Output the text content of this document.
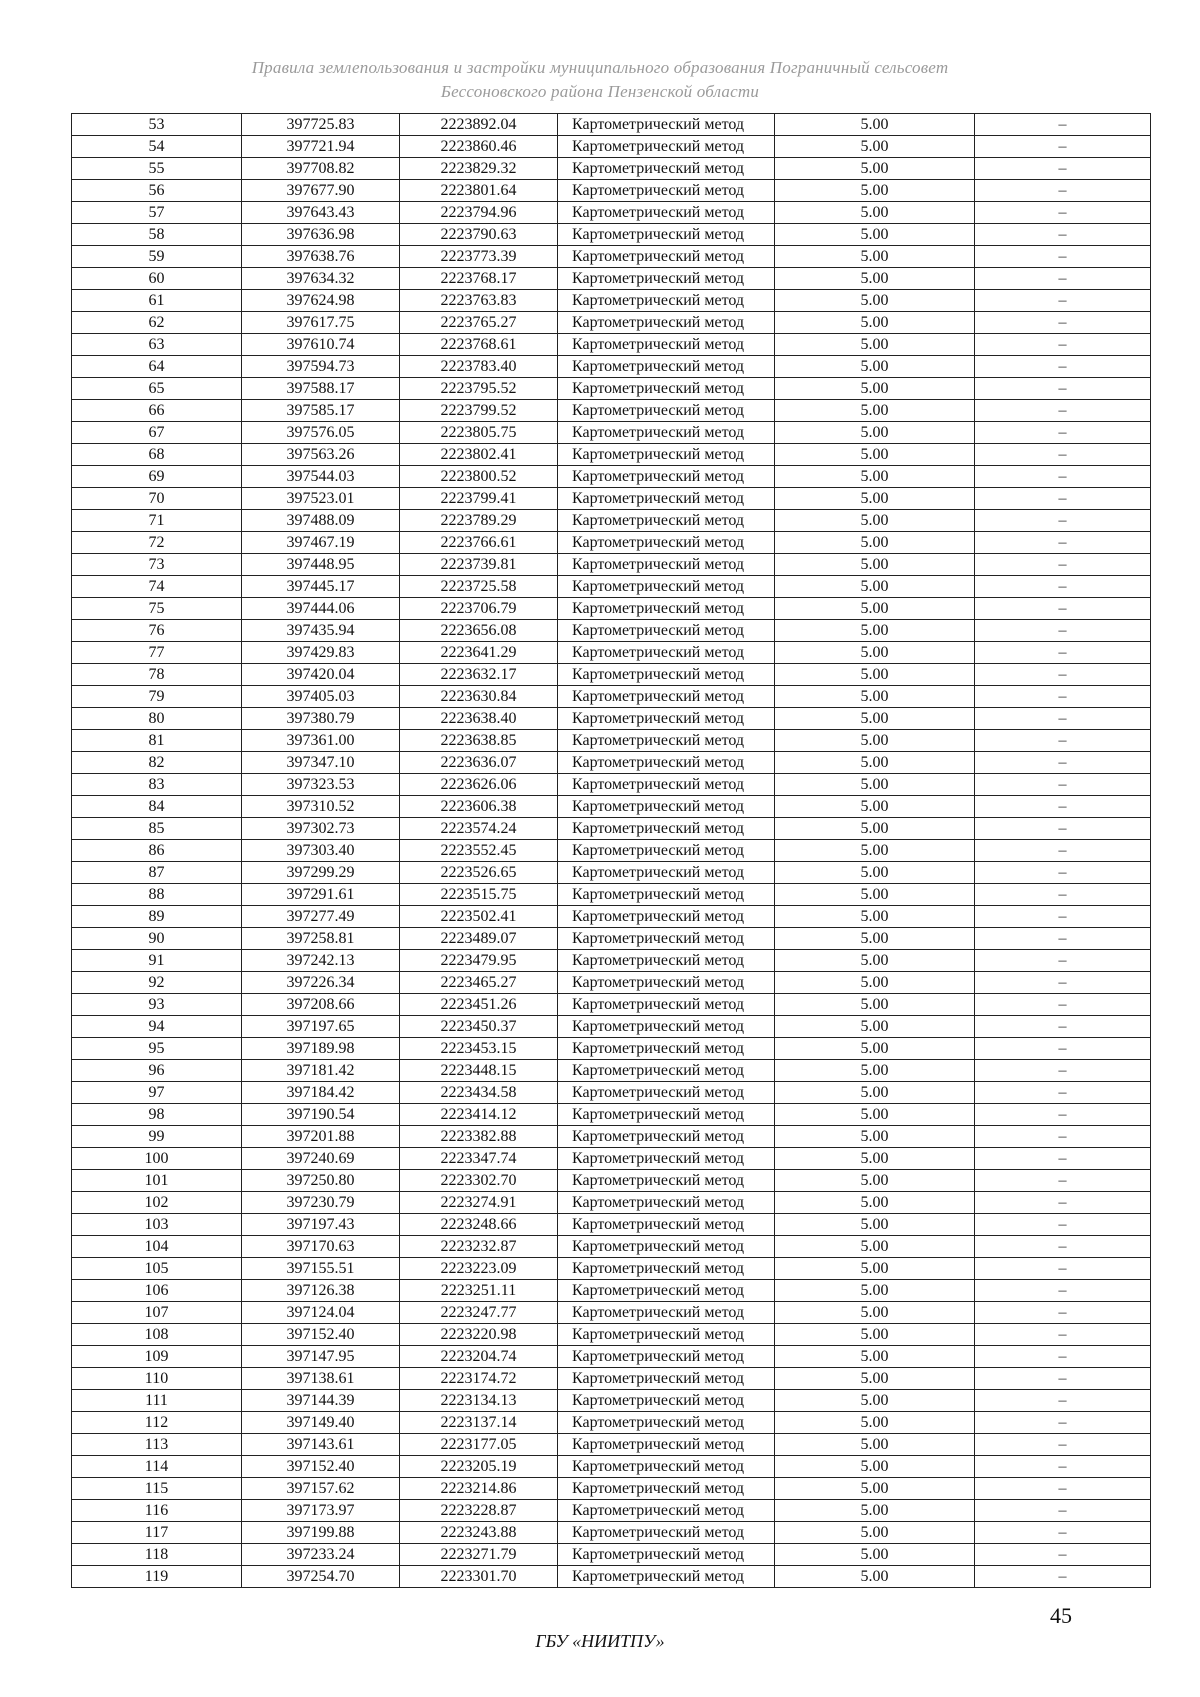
Правила землепользования и застройки муниципального образования Пограничный сельсовет
Бессоновского района Пензенской области
53	397725.83	2223892.04	Картометрический метод	5.00	–
54	397721.94	2223860.46	Картометрический метод	5.00	–
55	397708.82	2223829.32	Картометрический метод	5.00	–
56	397677.90	2223801.64	Картометрический метод	5.00	–
57	397643.43	2223794.96	Картометрический метод	5.00	–
58	397636.98	2223790.63	Картометрический метод	5.00	–
59	397638.76	2223773.39	Картометрический метод	5.00	–
60	397634.32	2223768.17	Картометрический метод	5.00	–
61	397624.98	2223763.83	Картометрический метод	5.00	–
62	397617.75	2223765.27	Картометрический метод	5.00	–
63	397610.74	2223768.61	Картометрический метод	5.00	–
64	397594.73	2223783.40	Картометрический метод	5.00	–
65	397588.17	2223795.52	Картометрический метод	5.00	–
66	397585.17	2223799.52	Картометрический метод	5.00	–
67	397576.05	2223805.75	Картометрический метод	5.00	–
68	397563.26	2223802.41	Картометрический метод	5.00	–
69	397544.03	2223800.52	Картометрический метод	5.00	–
70	397523.01	2223799.41	Картометрический метод	5.00	–
71	397488.09	2223789.29	Картометрический метод	5.00	–
72	397467.19	2223766.61	Картометрический метод	5.00	–
73	397448.95	2223739.81	Картометрический метод	5.00	–
74	397445.17	2223725.58	Картометрический метод	5.00	–
75	397444.06	2223706.79	Картометрический метод	5.00	–
76	397435.94	2223656.08	Картометрический метод	5.00	–
77	397429.83	2223641.29	Картометрический метод	5.00	–
78	397420.04	2223632.17	Картометрический метод	5.00	–
79	397405.03	2223630.84	Картометрический метод	5.00	–
80	397380.79	2223638.40	Картометрический метод	5.00	–
81	397361.00	2223638.85	Картометрический метод	5.00	–
82	397347.10	2223636.07	Картометрический метод	5.00	–
83	397323.53	2223626.06	Картометрический метод	5.00	–
84	397310.52	2223606.38	Картометрический метод	5.00	–
85	397302.73	2223574.24	Картометрический метод	5.00	–
86	397303.40	2223552.45	Картометрический метод	5.00	–
87	397299.29	2223526.65	Картометрический метод	5.00	–
88	397291.61	2223515.75	Картометрический метод	5.00	–
89	397277.49	2223502.41	Картометрический метод	5.00	–
90	397258.81	2223489.07	Картометрический метод	5.00	–
91	397242.13	2223479.95	Картометрический метод	5.00	–
92	397226.34	2223465.27	Картометрический метод	5.00	–
93	397208.66	2223451.26	Картометрический метод	5.00	–
94	397197.65	2223450.37	Картометрический метод	5.00	–
95	397189.98	2223453.15	Картометрический метод	5.00	–
96	397181.42	2223448.15	Картометрический метод	5.00	–
97	397184.42	2223434.58	Картометрический метод	5.00	–
98	397190.54	2223414.12	Картометрический метод	5.00	–
99	397201.88	2223382.88	Картометрический метод	5.00	–
100	397240.69	2223347.74	Картометрический метод	5.00	–
101	397250.80	2223302.70	Картометрический метод	5.00	–
102	397230.79	2223274.91	Картометрический метод	5.00	–
103	397197.43	2223248.66	Картометрический метод	5.00	–
104	397170.63	2223232.87	Картометрический метод	5.00	–
105	397155.51	2223223.09	Картометрический метод	5.00	–
106	397126.38	2223251.11	Картометрический метод	5.00	–
107	397124.04	2223247.77	Картометрический метод	5.00	–
108	397152.40	2223220.98	Картометрический метод	5.00	–
109	397147.95	2223204.74	Картометрический метод	5.00	–
110	397138.61	2223174.72	Картометрический метод	5.00	–
111	397144.39	2223134.13	Картометрический метод	5.00	–
112	397149.40	2223137.14	Картометрический метод	5.00	–
113	397143.61	2223177.05	Картометрический метод	5.00	–
114	397152.40	2223205.19	Картометрический метод	5.00	–
115	397157.62	2223214.86	Картометрический метод	5.00	–
116	397173.97	2223228.87	Картометрический метод	5.00	–
117	397199.88	2223243.88	Картометрический метод	5.00	–
118	397233.24	2223271.79	Картометрический метод	5.00	–
119	397254.70	2223301.70	Картометрический метод	5.00	–
45
ГБУ «НИИТПУ»
